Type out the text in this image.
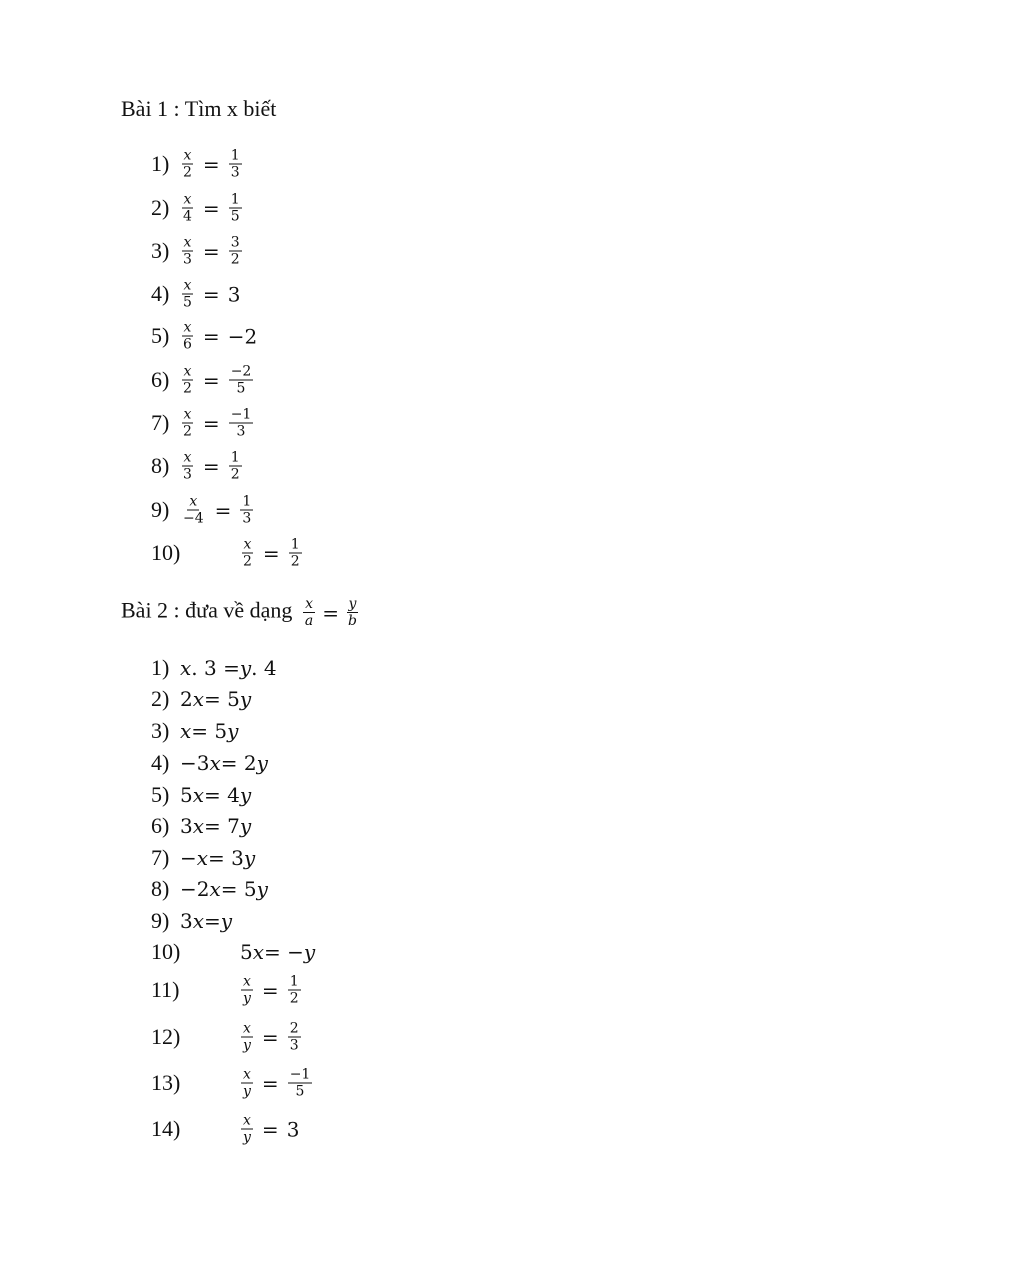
Bài 1 : Tìm x biết
$1) \frac{x}{2} = \frac{1}{3}$
$2) \frac{x}{4} = \frac{1}{5}$
$3) \frac{x}{3} = \frac{3}{2}$
$4) \frac{x}{5} = 3$
$5) \frac{x}{6} = -2$
$6) \frac{x}{2} = \frac{-2}{5}$
$7) \frac{x}{2} = \frac{-1}{3}$
$8) \frac{x}{3} = \frac{1}{2}$
$9) \frac{x}{-4} = \frac{1}{3}$
10)	$\frac{x}{2} = \frac{1}{2}$
Bài 2 : đưa về dạng $\frac{x}{a} = \frac{y}{b}$
1) x . 3 = y . 4
2) 2 x = 5 y
3) x = 5 y
4) −3 x = 2 y
5) 5 x = 4 y
6) 3 x = 7 y
7) − x = 3 y
8) −2 x = 5 y
9) 3 x = y
10)	5 x = − y
11)	$\frac{x}{y} = \frac{1}{2}$
12)	$\frac{x}{y} = \frac{2}{3}$
13)	$\frac{x}{y} = \frac{-1}{5}$
14)	$\frac{x}{y} = 3$
